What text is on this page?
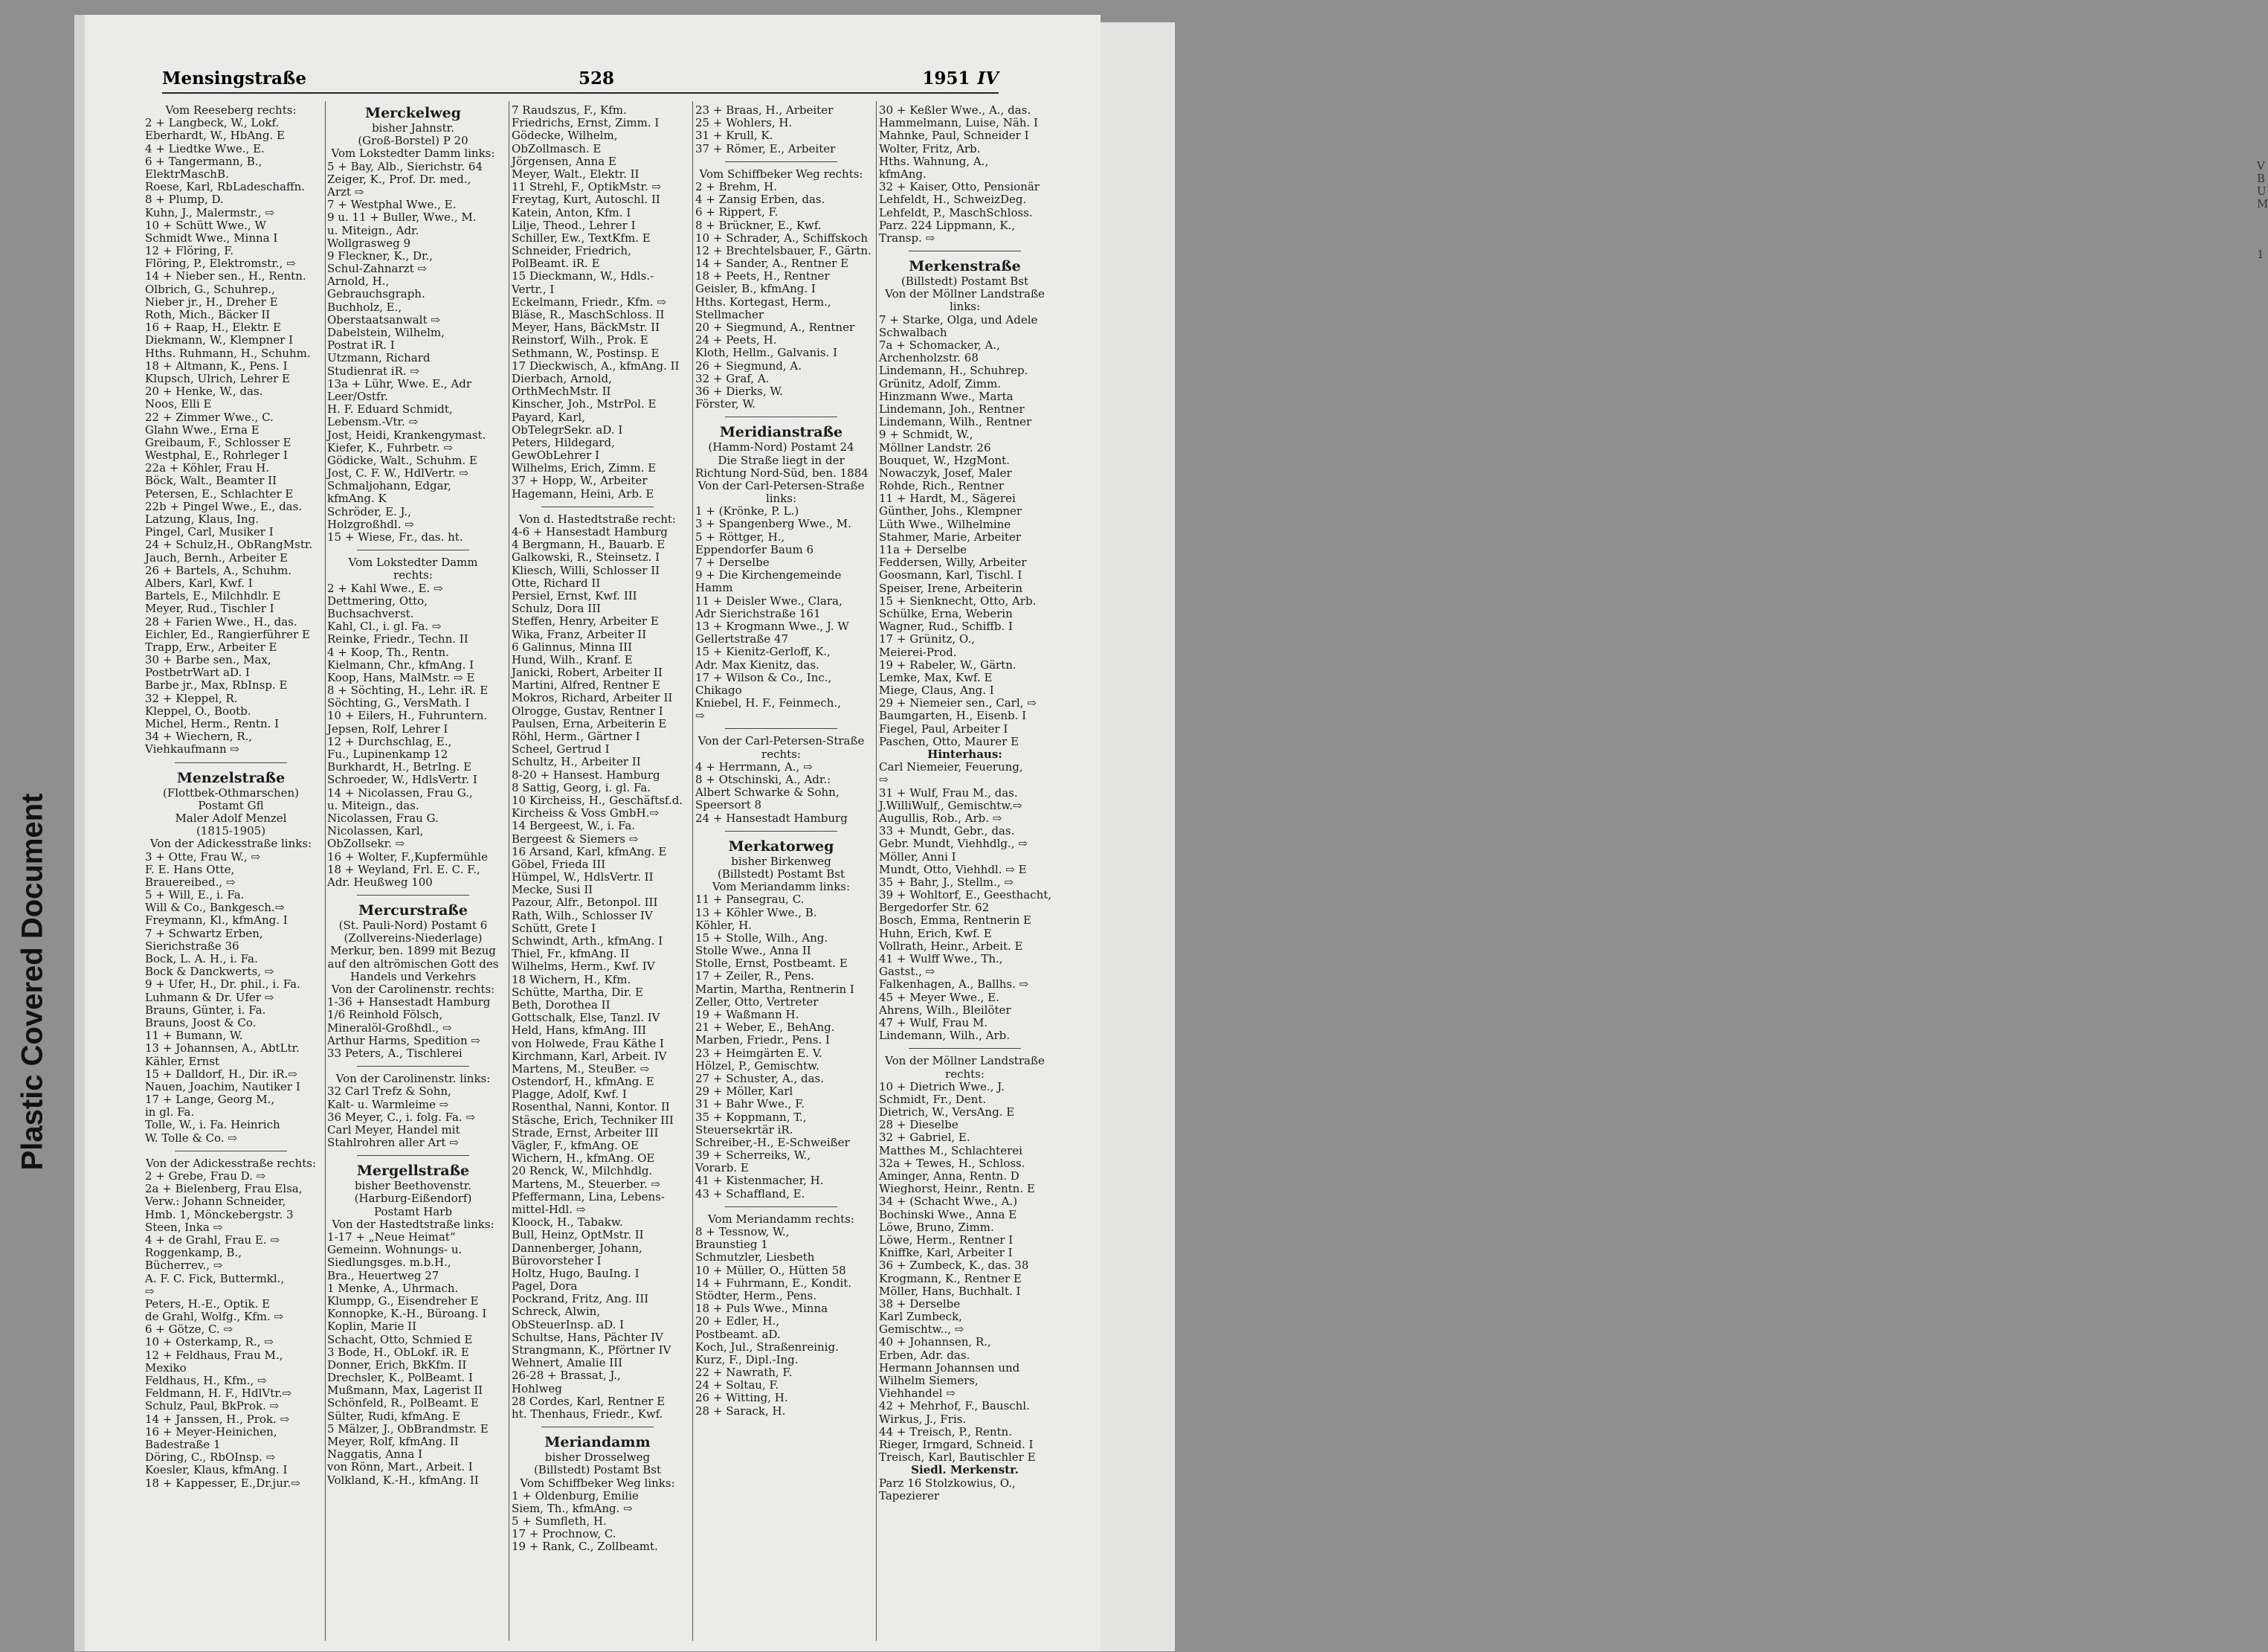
V
B
U
M

1
Plastic Covered Document
Mensingstraße	528	1951 IV
Vom Reeseberg rechts:
2 + Langbeck, W., Lokf.
Eberhardt, W., HbAng. E
4 + Liedtke Wwe., E.
6 + Tangermann, B.,
ElektrMaschB.
Roese, Karl, RbLadeschaffn.
8 + Plump, D.
Kuhn, J., Malermstr., ⇨
10 + Schütt Wwe., W
Schmidt Wwe., Minna I
12 + Flöring, F.
Flöring, P., Elektromstr., ⇨
14 + Nieber sen., H., Rentn.
Olbrich, G., Schuhrep.,
Nieber jr., H., Dreher E
Roth, Mich., Bäcker II
16 + Raap, H., Elektr. E
Diekmann, W., Klempner I
Hths. Ruhmann, H., Schuhm.
18 + Altmann, K., Pens. I
Klupsch, Ulrich, Lehrer E
20 + Henke, W., das.
Noos, Elli E
22 + Zimmer Wwe., C.
Glahn Wwe., Erna E
Greibaum, F., Schlosser E
Westphal, E., Rohrleger I
22a + Köhler, Frau H.
Böck, Walt., Beamter II
Petersen, E., Schlachter E
22b + Pingel Wwe., E., das.
Latzung, Klaus, Ing.
Pingel, Carl, Musiker I
24 + Schulz,H., ObRangMstr.
Jauch, Bernh., Arbeiter E
26 + Bartels, A., Schuhm.
Albers, Karl, Kwf. I
Bartels, E., Milchhdlr. E
Meyer, Rud., Tischler I
28 + Farien Wwe., H., das.
Eichler, Ed., Rangierführer E
Trapp, Erw., Arbeiter E
30 + Barbe sen., Max,
PostbetrWart aD. I
Barbe jr., Max, RbInsp. E
32 + Kleppel, R.
Kleppel, O., Bootb.
Michel, Herm., Rentn. I
34 + Wiechern, R.,
Viehkaufmann ⇨
Menzelstraße
(Flottbek-Othmarschen)
Postamt Gfl
Maler Adolf Menzel
(1815-1905)
Von der Adickesstraße links:
3 + Otte, Frau W., ⇨
F. E. Hans Otte,
Brauereibed., ⇨
5 + Will, E., i. Fa.
Will & Co., Bankgesch.⇨
Freymann, Kl., kfmAng. I
7 + Schwartz Erben,
Sierichstraße 36
Bock, L. A. H., i. Fa.
Bock & Danckwerts, ⇨
9 + Ufer, H., Dr. phil., i. Fa.
Luhmann & Dr. Ufer ⇨
Brauns, Günter, i. Fa.
Brauns, Joost & Co.
11 + Bumann, W.
13 + Johannsen, A., AbtLtr.
Kähler, Ernst
15 + Dalldorf, H., Dir. iR.⇨
Nauen, Joachim, Nautiker I
17 + Lange, Georg M.,
in gl. Fa.
Tolle, W., i. Fa. Heinrich
W. Tolle & Co. ⇨
Von der Adickesstraße rechts:
2 + Grebe, Frau D. ⇨
2a + Bielenberg, Frau Elsa,
Verw.: Johann Schneider,
Hmb. 1, Mönckebergstr. 3
Steen, Inka ⇨
4 + de Grahl, Frau E. ⇨
Roggenkamp, B.,
Bücherrev., ⇨
A. F. C. Fick, Buttermkl.,
⇨
Peters, H.-E., Optik. E
de Grahl, Wolfg., Kfm. ⇨
6 + Götze, C. ⇨
10 + Osterkamp, R., ⇨
12 + Feldhaus, Frau M.,
Mexiko
Feldhaus, H., Kfm., ⇨
Feldmann, H. F., HdlVtr.⇨
Schulz, Paul, BkProk. ⇨
14 + Janssen, H., Prok. ⇨
16 + Meyer-Heinichen,
Badestraße 1
Döring, C., RbOInsp. ⇨
Koesler, Klaus, kfmAng. I
18 + Kappesser, E.,Dr.jur.⇨
Merckelweg
bisher Jahnstr.
(Groß-Borstel) P 20
Vom Lokstedter Damm links:
5 + Bay, Alb., Sierichstr. 64
Zeiger, K., Prof. Dr. med.,
Arzt ⇨
7 + Westphal Wwe., E.
9 u. 11 + Buller, Wwe., M.
u. Miteign., Adr.
Wollgrasweg 9
9 Fleckner, K., Dr.,
Schul-Zahnarzt ⇨
Arnold, H.,
Gebrauchsgraph.
Buchholz, E.,
Oberstaatsanwalt ⇨
Dabelstein, Wilhelm,
Postrat iR. I
Utzmann, Richard
Studienrat iR. ⇨
13a + Lühr, Wwe. E., Adr
Leer/Ostfr.
H. F. Eduard Schmidt,
Lebensm.-Vtr. ⇨
Jost, Heidi, Krankengymast.
Kiefer, K., Fuhrbetr. ⇨
Gödicke, Walt., Schuhm. E
Jost, C. F. W., HdlVertr. ⇨
Schmaljohann, Edgar,
kfmAng. K
Schröder, E. J.,
Holzgroßhdl. ⇨
15 + Wiese, Fr., das. ht.
Vom Lokstedter Damm
rechts:
2 + Kahl Wwe., E. ⇨
Dettmering, Otto,
Buchsachverst.
Kahl, Cl., i. gl. Fa. ⇨
Reinke, Friedr., Techn. II
4 + Koop, Th., Rentn.
Kielmann, Chr., kfmAng. I
Koop, Hans, MalMstr. ⇨ E
8 + Söchting, H., Lehr. iR. E
Söchting, G., VersMath. I
10 + Eilers, H., Fuhruntern.
Jepsen, Rolf, Lehrer I
12 + Durchschlag, E.,
Fu., Lupinenkamp 12
Burkhardt, H., BetrIng. E
Schroeder, W., HdlsVertr. I
14 + Nicolassen, Frau G.,
u. Miteign., das.
Nicolassen, Frau G.
Nicolassen, Karl,
ObZollsekr. ⇨
16 + Wolter, F.,Kupfermühle
18 + Weyland, Frl. E. C. F.,
Adr. Heußweg 100
Mercurstraße
(St. Pauli-Nord) Postamt 6
(Zollvereins-Niederlage)
Merkur, ben. 1899 mit Bezug
auf den altrömischen Gott des
Handels und Verkehrs
Von der Carolinenstr. rechts:
1-36 + Hansestadt Hamburg
1/6 Reinhold Fölsch,
Mineralöl-Großhdl., ⇨
Arthur Harms, Spedition ⇨
33 Peters, A., Tischlerei
Von der Carolinenstr. links:
32 Carl Trefz & Sohn,
Kalt- u. Warmleime ⇨
36 Meyer, C., i. folg. Fa. ⇨
Carl Meyer, Handel mit
Stahlrohren aller Art ⇨
Mergellstraße
bisher Beethovenstr.
(Harburg-Eißendorf)
Postamt Harb
Von der Hastedtstraße links:
1-17 + „Neue Heimat“
Gemeinn. Wohnungs- u.
Siedlungsges. m.b.H.,
Bra., Heuertweg 27
1 Menke, A., Uhrmach.
Klumpp, G., Eisendreher E
Konnopke, K.-H., Büroang. I
Koplin, Marie II
Schacht, Otto, Schmied E
3 Bode, H., ObLokf. iR. E
Donner, Erich, BkKfm. II
Drechsler, K., PolBeamt. I
Mußmann, Max, Lagerist II
Schönfeld, R., PolBeamt. E
Sülter, Rudi, kfmAng. E
5 Mälzer, J., ObBrandmstr. E
Meyer, Rolf, kfmAng. II
Naggatis, Anna I
von Rönn, Mart., Arbeit. I
Volkland, K.-H., kfmAng. II
7 Raudszus, F., Kfm.
Friedrichs, Ernst, Zimm. I
Gödecke, Wilhelm,
ObZollmasch. E
Jörgensen, Anna E
Meyer, Walt., Elektr. II
11 Strehl, F., OptikMstr. ⇨
Freytag, Kurt, Autoschl. II
Katein, Anton, Kfm. I
Lilje, Theod., Lehrer I
Schiller, Ew., TextKfm. E
Schneider, Friedrich,
PolBeamt. iR. E
15 Dieckmann, W., Hdls.-
Vertr., I
Eckelmann, Friedr., Kfm. ⇨
Bläse, R., MaschSchloss. II
Meyer, Hans, BäckMstr. II
Reinstorf, Wilh., Prok. E
Sethmann, W., Postinsp. E
17 Dieckwisch, A., kfmAng. II
Dierbach, Arnold,
OrthMechMstr. II
Kinscher, Joh., MstrPol. E
Payard, Karl,
ObTelegrSekr. aD. I
Peters, Hildegard,
GewObLehrer I
Wilhelms, Erich, Zimm. E
37 + Hopp, W., Arbeiter
Hagemann, Heini, Arb. E
Von d. Hastedtstraße recht:
4-6 + Hansestadt Hamburg
4 Bergmann, H., Bauarb. E
Galkowski, R., Steinsetz. I
Kliesch, Willi, Schlosser II
Otte, Richard II
Persiel, Ernst, Kwf. III
Schulz, Dora III
Steffen, Henry, Arbeiter E
Wika, Franz, Arbeiter II
6 Galinnus, Minna III
Hund, Wilh., Kranf. E
Janicki, Robert, Arbeiter II
Martini, Alfred, Rentner E
Mokros, Richard, Arbeiter II
Olrogge, Gustav, Rentner I
Paulsen, Erna, Arbeiterin E
Röhl, Herm., Gärtner I
Scheel, Gertrud I
Schultz, H., Arbeiter II
8-20 + Hansest. Hamburg
8 Sattig, Georg, i. gl. Fa.
10 Kircheiss, H., Geschäftsf.d.
Kircheiss & Voss GmbH.⇨
14 Bergeest, W., i. Fa.
Bergeest & Siemers ⇨
16 Arsand, Karl, kfmAng. E
Göbel, Frieda III
Hümpel, W., HdlsVertr. II
Mecke, Susi II
Pazour, Alfr., Betonpol. III
Rath, Wilh., Schlosser IV
Schütt, Grete I
Schwindt, Arth., kfmAng. I
Thiel, Fr., kfmAng. II
Wilhelms, Herm., Kwf. IV
18 Wichern, H., Kfm.
Schütte, Martha, Dir. E
Beth, Dorothea II
Gottschalk, Else, Tanzl. IV
Held, Hans, kfmAng. III
von Holwede, Frau Käthe I
Kirchmann, Karl, Arbeit. IV
Martens, M., SteuBer. ⇨
Ostendorf, H., kfmAng. E
Plagge, Adolf, Kwf. I
Rosenthal, Nanni, Kontor. II
Stäsche, Erich, Techniker III
Strade, Ernst, Arbeiter III
Vägler, F., kfmAng. OE
Wichern, H., kfmAng. OE
20 Renck, W., Milchhdlg.
Martens, M., Steuerber. ⇨
Pfeffermann, Lina, Lebens-
mittel-Hdl. ⇨
Kloock, H., Tabakw.
Bull, Heinz, OptMstr. II
Dannenberger, Johann,
Bürovorsteher I
Holtz, Hugo, BauIng. I
Pagel, Dora
Pockrand, Fritz, Ang. III
Schreck, Alwin,
ObSteuerInsp. aD. I
Schultse, Hans, Pächter IV
Strangmann, K., Pförtner IV
Wehnert, Amalie III
26-28 + Brassat, J.,
Hohlweg
28 Cordes, Karl, Rentner E
ht. Thenhaus, Friedr., Kwf.
Meriandamm
bisher Drosselweg
(Billstedt) Postamt Bst
Vom Schiffbeker Weg links:
1 + Oldenburg, Emilie
Siem, Th., kfmAng. ⇨
5 + Sumfleth, H.
17 + Prochnow, C.
19 + Rank, C., Zollbeamt.
23 + Braas, H., Arbeiter
25 + Wohlers, H.
31 + Krull, K.
37 + Römer, E., Arbeiter
Vom Schiffbeker Weg rechts:
2 + Brehm, H.
4 + Zansig Erben, das.
6 + Rippert, F.
8 + Brückner, E., Kwf.
10 + Schrader, A., Schiffskoch
12 + Brechtelsbauer, F., Gärtn.
14 + Sander, A., Rentner E
18 + Peets, H., Rentner
Geisler, B., kfmAng. I
Hths. Kortegast, Herm.,
Stellmacher
20 + Siegmund, A., Rentner
24 + Peets, H.
Kloth, Hellm., Galvanis. I
26 + Siegmund, A.
32 + Graf, A.
36 + Dierks, W.
Förster, W.
Meridianstraße
(Hamm-Nord) Postamt 24
Die Straße liegt in der
Richtung Nord-Süd, ben. 1884
Von der Carl-Petersen-Straße
links:
1 + (Krönke, P. L.)
3 + Spangenberg Wwe., M.
5 + Röttger, H.,
Eppendorfer Baum 6
7 + Derselbe
9 + Die Kirchengemeinde
Hamm
11 + Deisler Wwe., Clara,
Adr Sierichstraße 161
13 + Krogmann Wwe., J. W
Gellertstraße 47
15 + Kienitz-Gerloff, K.,
Adr. Max Kienitz, das.
17 + Wilson & Co., Inc.,
Chikago
Kniebel, H. F., Feinmech.,
⇨
Von der Carl-Petersen-Straße
rechts:
4 + Herrmann, A., ⇨
8 + Otschinski, A., Adr.:
Albert Schwarke & Sohn,
Speersort 8
24 + Hansestadt Hamburg
Merkatorweg
bisher Birkenweg
(Billstedt) Postamt Bst
Vom Meriandamm links:
11 + Pansegrau, C.
13 + Köhler Wwe., B.
Köhler, H.
15 + Stolle, Wilh., Ang.
Stolle Wwe., Anna II
Stolle, Ernst, Postbeamt. E
17 + Zeiler, R., Pens.
Martin, Martha, Rentnerin I
Zeller, Otto, Vertreter
19 + Waßmann H.
21 + Weber, E., BehAng.
Marben, Friedr., Pens. I
23 + Heimgärten E. V.
Hölzel, P., Gemischtw.
27 + Schuster, A., das.
29 + Möller, Karl
31 + Bahr Wwe., F.
35 + Koppmann, T.,
Steuersekrtär iR.
Schreiber,-H., E-Schweißer
39 + Scherreiks, W.,
Vorarb. E
41 + Kistenmacher, H.
43 + Schaffland, E.
Vom Meriandamm rechts:
8 + Tessnow, W.,
Braunstieg 1
Schmutzler, Liesbeth
10 + Müller, O., Hütten 58
14 + Fuhrmann, E., Kondit.
Stödter, Herm., Pens.
18 + Puls Wwe., Minna
20 + Edler, H.,
Postbeamt. aD.
Koch, Jul., Straßenreinig.
Kurz, F., Dipl.-Ing.
22 + Nawrath, F.
24 + Soltau, F.
26 + Witting, H.
28 + Sarack, H.
30 + Keßler Wwe., A., das.
Hammelmann, Luise, Näh. I
Mahnke, Paul, Schneider I
Wolter, Fritz, Arb.
Hths. Wahnung, A.,
kfmAng.
32 + Kaiser, Otto, Pensionär
Lehfeldt, H., SchweizDeg.
Lehfeldt, P., MaschSchloss.
Parz. 224 Lippmann, K.,
Transp. ⇨
Merkenstraße
(Billstedt) Postamt Bst
Von der Möllner Landstraße
links:
7 + Starke, Olga, und Adele
Schwalbach
7a + Schomacker, A.,
Archenholzstr. 68
Lindemann, H., Schuhrep.
Grünitz, Adolf, Zimm.
Hinzmann Wwe., Marta
Lindemann, Joh., Rentner
Lindemann, Wilh., Rentner
9 + Schmidt, W.,
Möllner Landstr. 26
Bouquet, W., HzgMont.
Nowaczyk, Josef, Maler
Rohde, Rich., Rentner
11 + Hardt, M., Sägerei
Günther, Johs., Klempner
Lüth Wwe., Wilhelmine
Stahmer, Marie, Arbeiter
11a + Derselbe
Feddersen, Willy, Arbeiter
Goosmann, Karl, Tischl. I
Speiser, Irene, Arbeiterin
15 + Sienknecht, Otto, Arb.
Schülke, Erna, Weberin
Wagner, Rud., Schiffb. I
17 + Grünitz, O.,
Meierei-Prod.
19 + Rabeler, W., Gärtn.
Lemke, Max, Kwf. E
Miege, Claus, Ang. I
29 + Niemeier sen., Carl, ⇨
Baumgarten, H., Eisenb. I
Fiegel, Paul, Arbeiter I
Paschen, Otto, Maurer E
Hinterhaus:
Carl Niemeier, Feuerung,
⇨
31 + Wulf, Frau M., das.
J.WilliWulf,, Gemischtw.⇨
Augullis, Rob., Arb. ⇨
33 + Mundt, Gebr., das.
Gebr. Mundt, Viehhdlg., ⇨
Möller, Anni I
Mundt, Otto, Viehhdl. ⇨ E
35 + Bahr, J., Stellm., ⇨
39 + Wohltorf, E., Geesthacht,
Bergedorfer Str. 62
Bosch, Emma, Rentnerin E
Huhn, Erich, Kwf. E
Vollrath, Heinr., Arbeit. E
41 + Wulff Wwe., Th.,
Gastst., ⇨
Falkenhagen, A., Ballhs. ⇨
45 + Meyer Wwe., E.
Ahrens, Wilh., Bleilöter
47 + Wulf, Frau M.
Lindemann, Wilh., Arb.
Von der Möllner Landstraße
rechts:
10 + Dietrich Wwe., J.
Schmidt, Fr., Dent.
Dietrich, W., VersAng. E
28 + Dieselbe
32 + Gabriel, E.
Matthes M., Schlachterei
32a + Tewes, H., Schloss.
Aminger, Anna, Rentn. D
Wieghorst, Heinr., Rentn. E
34 + (Schacht Wwe., A.)
Bochinski Wwe., Anna E
Löwe, Bruno, Zimm.
Löwe, Herm., Rentner I
Kniffke, Karl, Arbeiter I
36 + Zumbeck, K., das. 38
Krogmann, K., Rentner E
Möller, Hans, Buchhalt. I
38 + Derselbe
Karl Zumbeck,
Gemischtw.., ⇨
40 + Johannsen, R.,
Erben, Adr. das.
Hermann Johannsen und
Wilhelm Siemers,
Viehhandel ⇨
42 + Mehrhof, F., Bauschl.
Wirkus, J., Fris.
44 + Treisch, P., Rentn.
Rieger, Irmgard, Schneid. I
Treisch, Karl, Bautischler E
Siedl. Merkenstr.
Parz 16 Stolzkowius, O.,
Tapezierer
